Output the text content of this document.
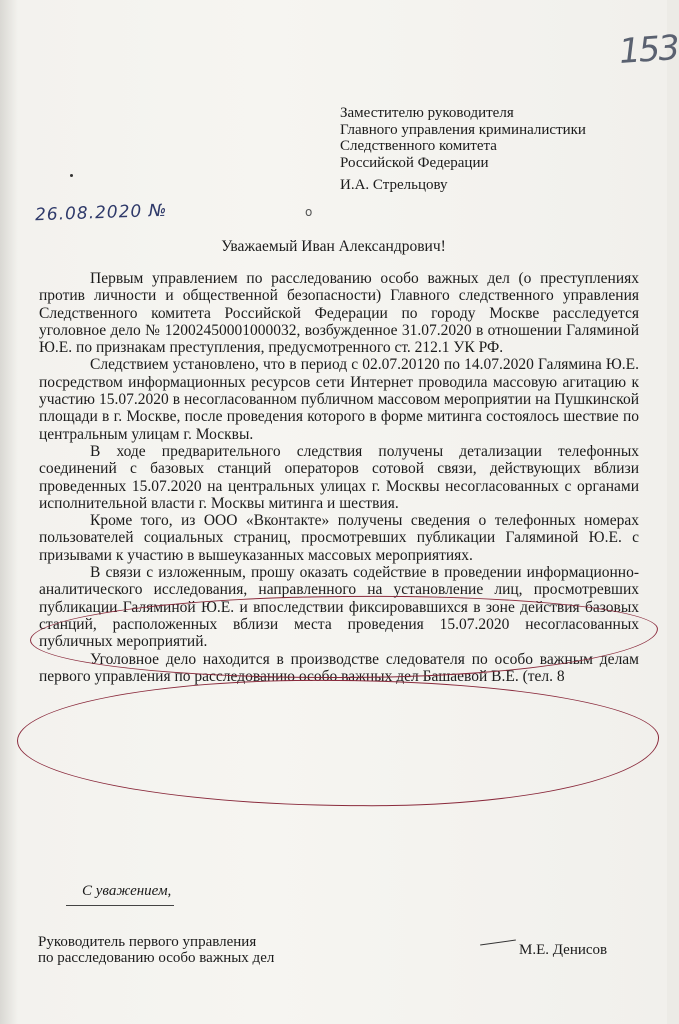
153
Заместителю руководителя
Главного управления криминалистики
Следственного комитета
Российской Федерации
И.А. Стрельцову
26.08.2020 №	о
Уважаемый Иван Александрович!

Первым управлением по расследованию особо важных дел (о преступлениях против личности и общественной безопасности) Главного следственного управления Следственного комитета Российской Федерации по городу Москве расследуется уголовное дело № 12002450001000032, возбужденное 31.07.2020 в отношении Галяминой Ю.Е. по признакам преступления, предусмотренного ст. 212.1 УК РФ.

Следствием установлено, что в период с 02.07.20120 по 14.07.2020 Галямина Ю.Е. посредством информационных ресурсов сети Интернет проводила массовую агитацию к участию 15.07.2020 в несогласованном публичном массовом мероприятии на Пушкинской площади в г. Москве, после проведения которого в форме митинга состоялось шествие по центральным улицам г. Москвы.

В ходе предварительного следствия получены детализации телефонных соединений с базовых станций операторов сотовой связи, действующих вблизи проведенных 15.07.2020 на центральных улицах г. Москвы несогласованных с органами исполнительной власти г. Москвы митинга и шествия.

Кроме того, из ООО «Вконтакте» получены сведения о телефонных номерах пользователей социальных страниц, просмотревших публикации Галяминой Ю.Е. с призывами к участию в вышеуказанных массовых мероприятиях.

В связи с изложенным, прошу оказать содействие в проведении информационно-аналитического исследования, направленного на установление лиц, просмотревших публикации Галяминой Ю.Е. и впоследствии фиксировавшихся в зоне действия базовых станций, расположенных вблизи места проведения 15.07.2020 несогласованных публичных мероприятий.

Уголовное дело находится в производстве следователя по особо важным делам первого управления по расследованию особо важных дел Башаевой В.Е. (тел. 8

С уважением,
Руководитель первого управления
по расследованию особо важных дел	М.Е. Денисов
